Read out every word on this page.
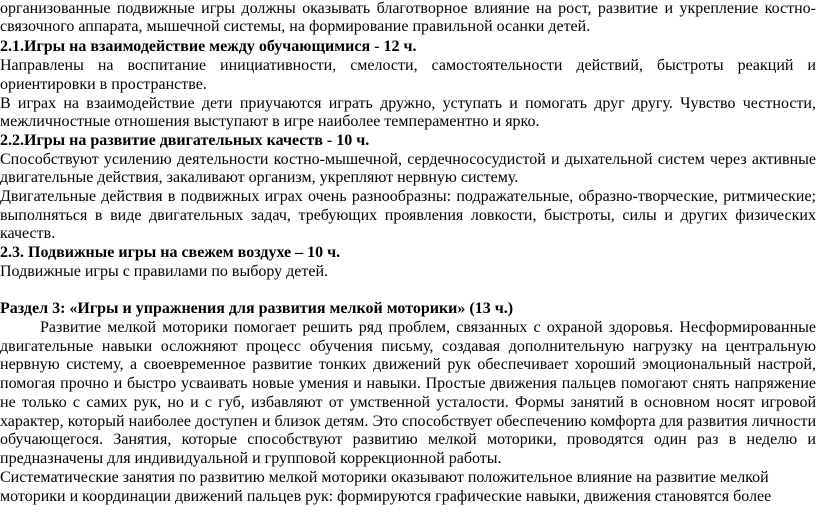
организованные подвижные игры должны оказывать благотворное влияние на рост, развитие и укрепление костно-
связочного аппарата, мышечной системы, на формирование правильной осанки детей.
2.1.Игры на взаимодействие между обучающимися - 12 ч.
Направлены на воспитание инициативности, смелости, самостоятельности действий, быстроты реакций и
ориентировки в пространстве.
В играх на взаимодействие дети приучаются играть дружно, уступать и помогать друг другу. Чувство честности,
межличностные отношения выступают в игре наиболее темпераментно и ярко.
2.2.Игры на развитие двигательных качеств - 10 ч.
Способствуют усилению деятельности костно-мышечной, сердечнососудистой и дыхательной систем через активные
двигательные действия, закаливают организм, укрепляют нервную систему.
Двигательные действия в подвижных играх очень разнообразны: подражательные, образно-творческие, ритмические;
выполняться в виде двигательных задач, требующих проявления ловкости, быстроты, силы и других физических
качеств.
2.3. Подвижные игры на свежем воздухе – 10 ч.
Подвижные игры с правилами по выбору детей.
Раздел 3: «Игры и упражнения для развития мелкой моторики» (13 ч.)
Развитие мелкой моторики помогает решить ряд проблем, связанных с охраной здоровья. Несформированные
двигательные навыки осложняют процесс обучения письму, создавая дополнительную нагрузку на центральную
нервную систему, а своевременное развитие тонких движений рук обеспечивает хороший эмоциональный настрой,
помогая прочно и быстро усваивать новые умения и навыки. Простые движения пальцев помогают снять напряжение
не только с самих рук, но и с губ, избавляют от умственной усталости. Формы занятий в основном носят игровой
характер, который наиболее доступен и близок детям. Это способствует обеспечению комфорта для развития личности
обучающегося. Занятия, которые способствуют развитию мелкой моторики, проводятся один раз в неделю и
предназначены для индивидуальной и групповой коррекционной работы.
Систематические занятия по развитию мелкой моторики оказывают положительное влияние на развитие мелкой
моторики и координации движений пальцев рук: формируются графические навыки, движения становятся более
